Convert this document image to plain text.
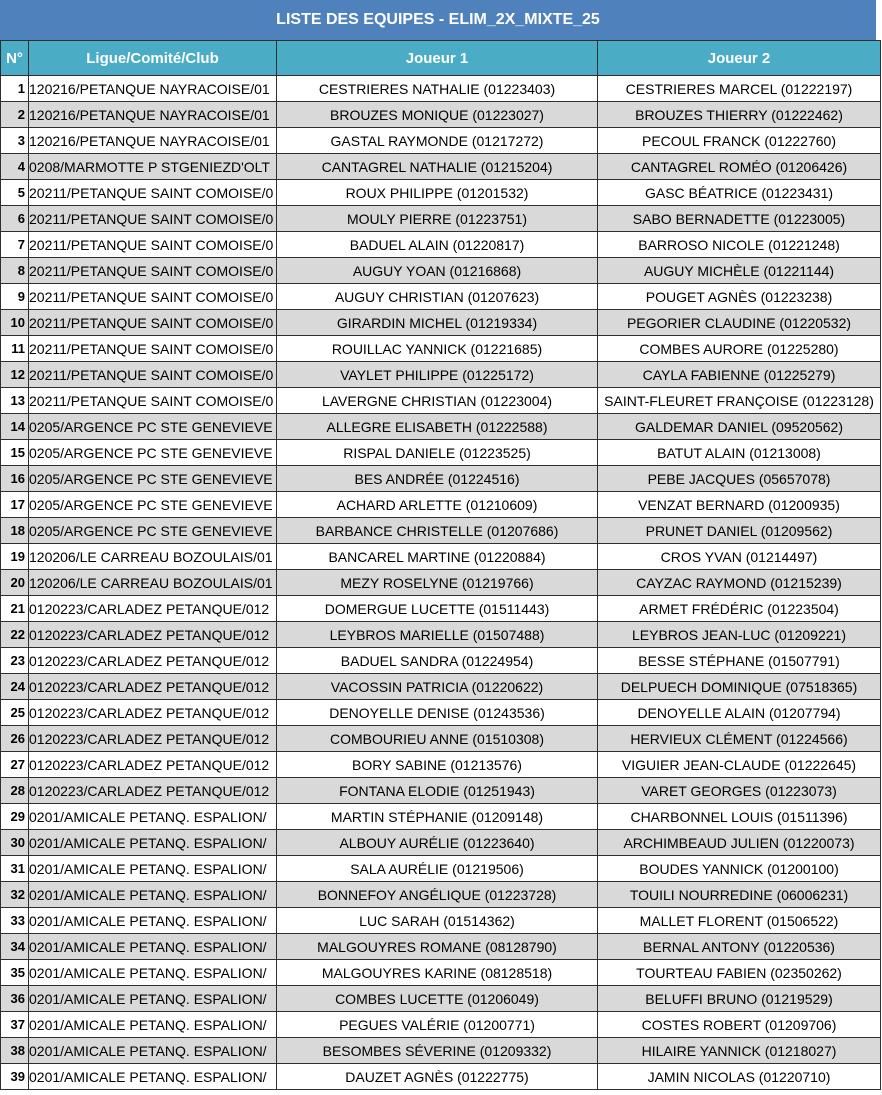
LISTE DES EQUIPES - ELIM_2X_MIXTE_25
N°	Ligue/Comité/Club	Joueur 1	Joueur 2
1	120216/PETANQUE NAYRACOISE/01	CESTRIERES NATHALIE (01223403)	CESTRIERES MARCEL (01222197)
2	120216/PETANQUE NAYRACOISE/01	BROUZES MONIQUE (01223027)	BROUZES THIERRY (01222462)
3	120216/PETANQUE NAYRACOISE/01	GASTAL RAYMONDE (01217272)	PECOUL FRANCK (01222760)
4	0208/MARMOTTE P STGENIEZD'OLT	CANTAGREL NATHALIE (01215204)	CANTAGREL ROMÉO (01206426)
5	20211/PETANQUE SAINT COMOISE/0	ROUX PHILIPPE (01201532)	GASC BÉATRICE (01223431)
6	20211/PETANQUE SAINT COMOISE/0	MOULY PIERRE (01223751)	SABO BERNADETTE (01223005)
7	20211/PETANQUE SAINT COMOISE/0	BADUEL ALAIN (01220817)	BARROSO NICOLE (01221248)
8	20211/PETANQUE SAINT COMOISE/0	AUGUY YOAN (01216868)	AUGUY MICHÈLE (01221144)
9	20211/PETANQUE SAINT COMOISE/0	AUGUY CHRISTIAN (01207623)	POUGET AGNÈS (01223238)
10	20211/PETANQUE SAINT COMOISE/0	GIRARDIN MICHEL (01219334)	PEGORIER CLAUDINE (01220532)
11	20211/PETANQUE SAINT COMOISE/0	ROUILLAC YANNICK (01221685)	COMBES AURORE (01225280)
12	20211/PETANQUE SAINT COMOISE/0	VAYLET PHILIPPE (01225172)	CAYLA FABIENNE (01225279)
13	20211/PETANQUE SAINT COMOISE/0	LAVERGNE CHRISTIAN (01223004)	SAINT-FLEURET FRANÇOISE (01223128)
14	0205/ARGENCE PC STE GENEVIEVE	ALLEGRE ELISABETH (01222588)	GALDEMAR DANIEL (09520562)
15	0205/ARGENCE PC STE GENEVIEVE	RISPAL DANIELE (01223525)	BATUT ALAIN (01213008)
16	0205/ARGENCE PC STE GENEVIEVE	BES ANDRÉE (01224516)	PEBE JACQUES (05657078)
17	0205/ARGENCE PC STE GENEVIEVE	ACHARD ARLETTE (01210609)	VENZAT BERNARD (01200935)
18	0205/ARGENCE PC STE GENEVIEVE	BARBANCE CHRISTELLE (01207686)	PRUNET DANIEL (01209562)
19	120206/LE CARREAU BOZOULAIS/01	BANCAREL MARTINE (01220884)	CROS YVAN (01214497)
20	120206/LE CARREAU BOZOULAIS/01	MEZY ROSELYNE (01219766)	CAYZAC RAYMOND (01215239)
21	0120223/CARLADEZ PETANQUE/012	DOMERGUE LUCETTE (01511443)	ARMET FRÉDÉRIC (01223504)
22	0120223/CARLADEZ PETANQUE/012	LEYBROS MARIELLE (01507488)	LEYBROS JEAN-LUC (01209221)
23	0120223/CARLADEZ PETANQUE/012	BADUEL SANDRA (01224954)	BESSE STÉPHANE (01507791)
24	0120223/CARLADEZ PETANQUE/012	VACOSSIN PATRICIA (01220622)	DELPUECH DOMINIQUE (07518365)
25	0120223/CARLADEZ PETANQUE/012	DENOYELLE DENISE (01243536)	DENOYELLE ALAIN (01207794)
26	0120223/CARLADEZ PETANQUE/012	COMBOURIEU ANNE (01510308)	HERVIEUX CLÉMENT (01224566)
27	0120223/CARLADEZ PETANQUE/012	BORY SABINE (01213576)	VIGUIER JEAN-CLAUDE (01222645)
28	0120223/CARLADEZ PETANQUE/012	FONTANA ELODIE (01251943)	VARET GEORGES (01223073)
29	0201/AMICALE PETANQ. ESPALION/	MARTIN STÉPHANIE (01209148)	CHARBONNEL LOUIS (01511396)
30	0201/AMICALE PETANQ. ESPALION/	ALBOUY AURÉLIE (01223640)	ARCHIMBEAUD JULIEN (01220073)
31	0201/AMICALE PETANQ. ESPALION/	SALA AURÉLIE (01219506)	BOUDES YANNICK (01200100)
32	0201/AMICALE PETANQ. ESPALION/	BONNEFOY ANGÉLIQUE (01223728)	TOUILI NOURREDINE (06006231)
33	0201/AMICALE PETANQ. ESPALION/	LUC SARAH (01514362)	MALLET FLORENT (01506522)
34	0201/AMICALE PETANQ. ESPALION/	MALGOUYRES ROMANE (08128790)	BERNAL ANTONY (01220536)
35	0201/AMICALE PETANQ. ESPALION/	MALGOUYRES KARINE (08128518)	TOURTEAU FABIEN (02350262)
36	0201/AMICALE PETANQ. ESPALION/	COMBES LUCETTE (01206049)	BELUFFI BRUNO (01219529)
37	0201/AMICALE PETANQ. ESPALION/	PEGUES VALÉRIE (01200771)	COSTES ROBERT (01209706)
38	0201/AMICALE PETANQ. ESPALION/	BESOMBES SÉVERINE (01209332)	HILAIRE YANNICK (01218027)
39	0201/AMICALE PETANQ. ESPALION/	DAUZET AGNÈS (01222775)	JAMIN NICOLAS (01220710)
